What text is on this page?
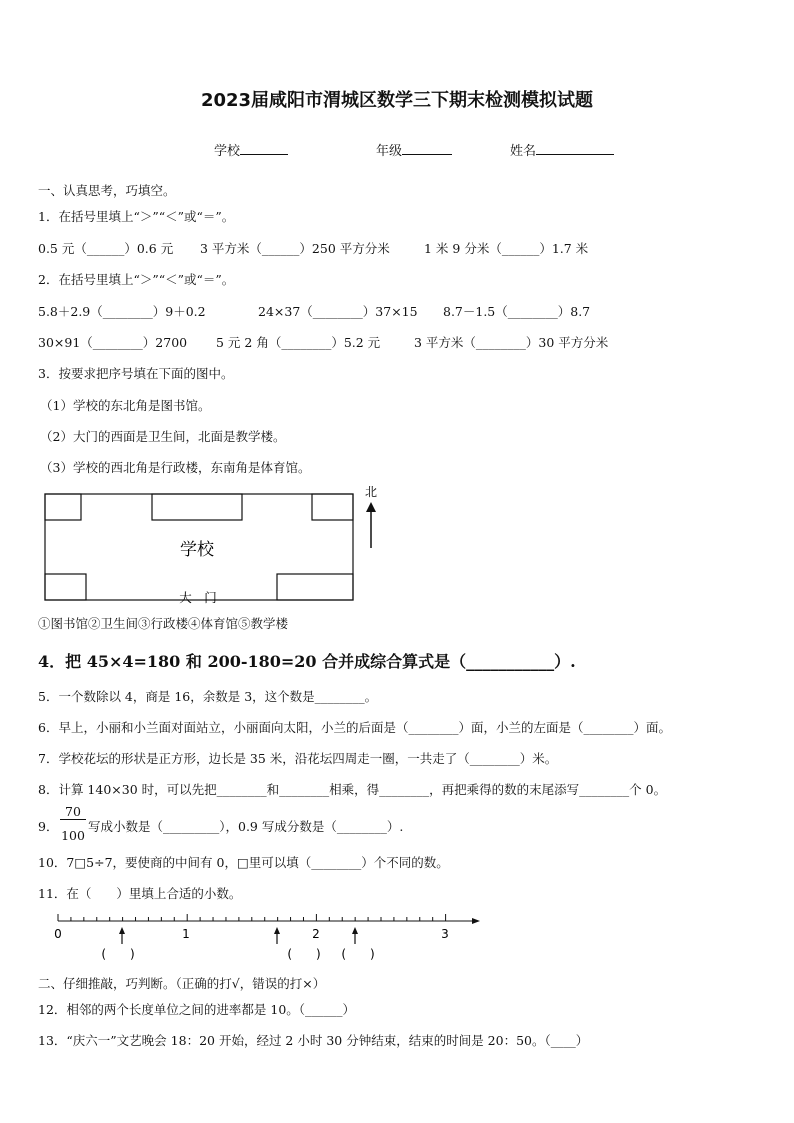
2023届咸阳市渭城区数学三下期末检测模拟试题
学校	年级	姓名
一、认真思考，巧填空。
1．在括号里填上“＞”“＜”或“＝”。
0.5 元（______）0.6 元 3 平方米（______）250 平方分米	1 米 9 分米（______）1.7 米
2．在括号里填上“＞”“＜”或“＝”。
5.8＋2.9（________）9＋0.2	24×37（________）37×15 8.7－1.5（________）8.7
30×91（________）2700 5 元 2 角（________）5.2 元	3 平方米（________）30 平方分米
3．按要求把序号填在下面的图中。
（1）学校的东北角是图书馆。
（2）大门的西面是卫生间，北面是教学楼。
（3）学校的西北角是行政楼，东南角是体育馆。
学校
大　门
北
①图书馆②卫生间③行政楼④体育馆⑤教学楼
4．把 45×4=180 和 200-180=20 合并成综合算式是（___________）.
5．一个数除以 4，商是 16，余数是 3，这个数是________。
6．早上，小丽和小兰面对面站立，小丽面向太阳，小兰的后面是（________）面，小兰的左面是（________）面。
7．学校花坛的形状是正方形，边长是 35 米，沿花坛四周走一圈，一共走了（________）米。
8．计算 140×30 时，可以先把________和________相乘，得________，再把乘得的数的末尾添写________个 0。
9．
70
100
写成小数是（_________），0.9 写成分数是（________）.
10．7□5÷7，要使商的中间有 0，□里可以填（________）个不同的数。
11．在（　　）里填上合适的小数。
0	1	2	3
(　　)	(　　) (　　)
二、仔细推敲，巧判断。（正确的打√，错误的打×）
12．相邻的两个长度单位之间的进率都是 10。（______）
13．“庆六一”文艺晚会 18：20 开始，经过 2 小时 30 分钟结束，结束的时间是 20：50。（____）
